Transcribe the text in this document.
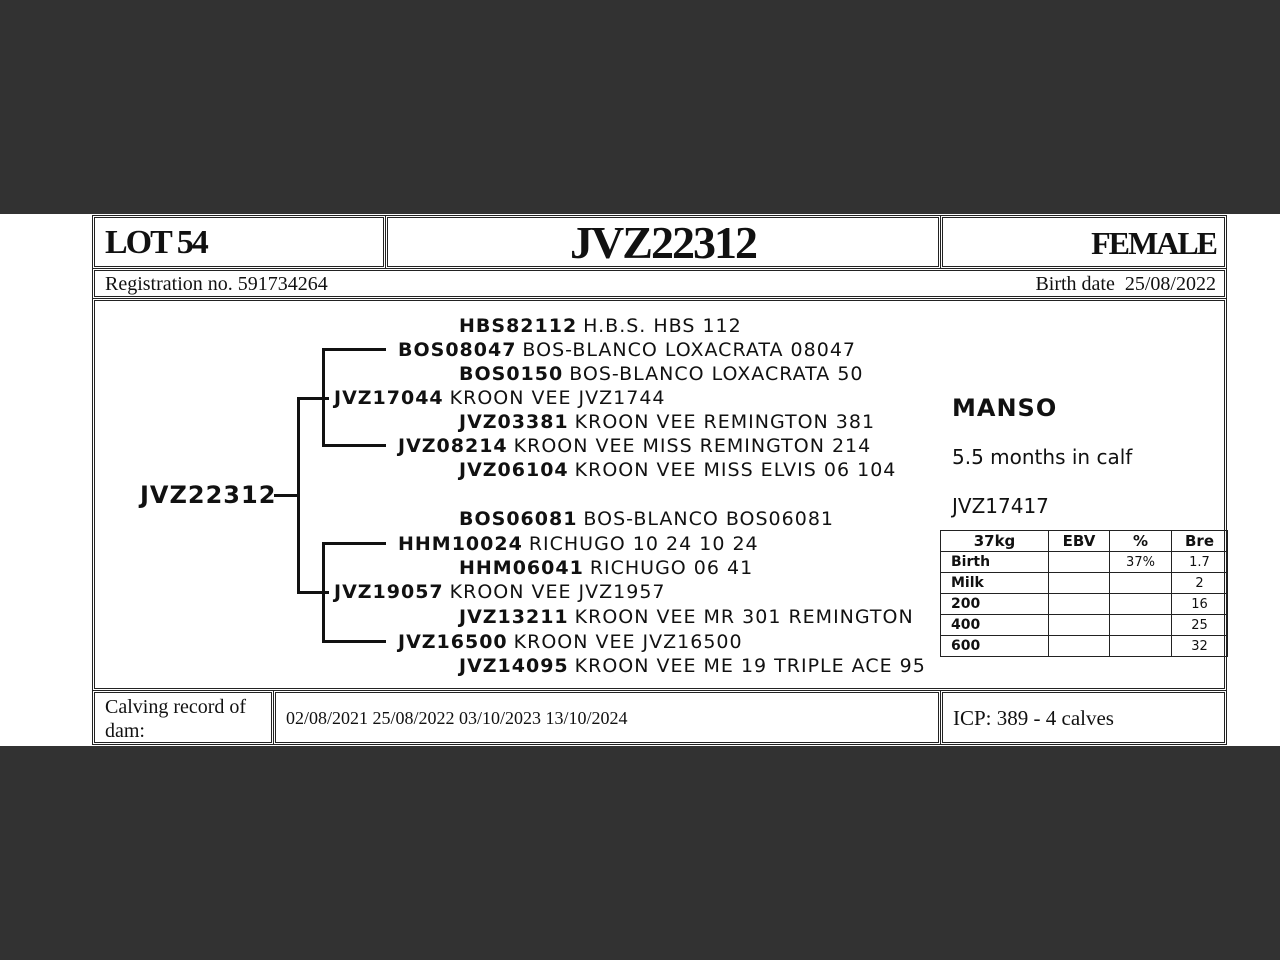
LOT 54	JVZ22312	FEMALE
Registration no. 591734264	Birth date 25/08/2022
JVZ22312
HBS82112 H.B.S. HBS 112
BOS08047 BOS-BLANCO LOXACRATA 08047
BOS0150 BOS-BLANCO LOXACRATA 50
JVZ17044 KROON VEE JVZ1744
JVZ03381 KROON VEE REMINGTON 381
JVZ08214 KROON VEE MISS REMINGTON 214
JVZ06104 KROON VEE MISS ELVIS 06 104
BOS06081 BOS-BLANCO BOS06081
HHM10024 RICHUGO 10 24 10 24
HHM06041 RICHUGO 06 41
JVZ19057 KROON VEE JVZ1957
JVZ13211 KROON VEE MR 301 REMINGTON
JVZ16500 KROON VEE JVZ16500
JVZ14095 KROON VEE ME 19 TRIPLE ACE 95
MANSO
5.5 months in calf
JVZ17417
37kg	EBV	%	Bre
Birth		37%	1.7
Milk			2
200			16
400			25
600			32
Calving record of dam:
02/08/2021 25/08/2022 03/10/2023 13/10/2024	ICP: 389 - 4 calves
